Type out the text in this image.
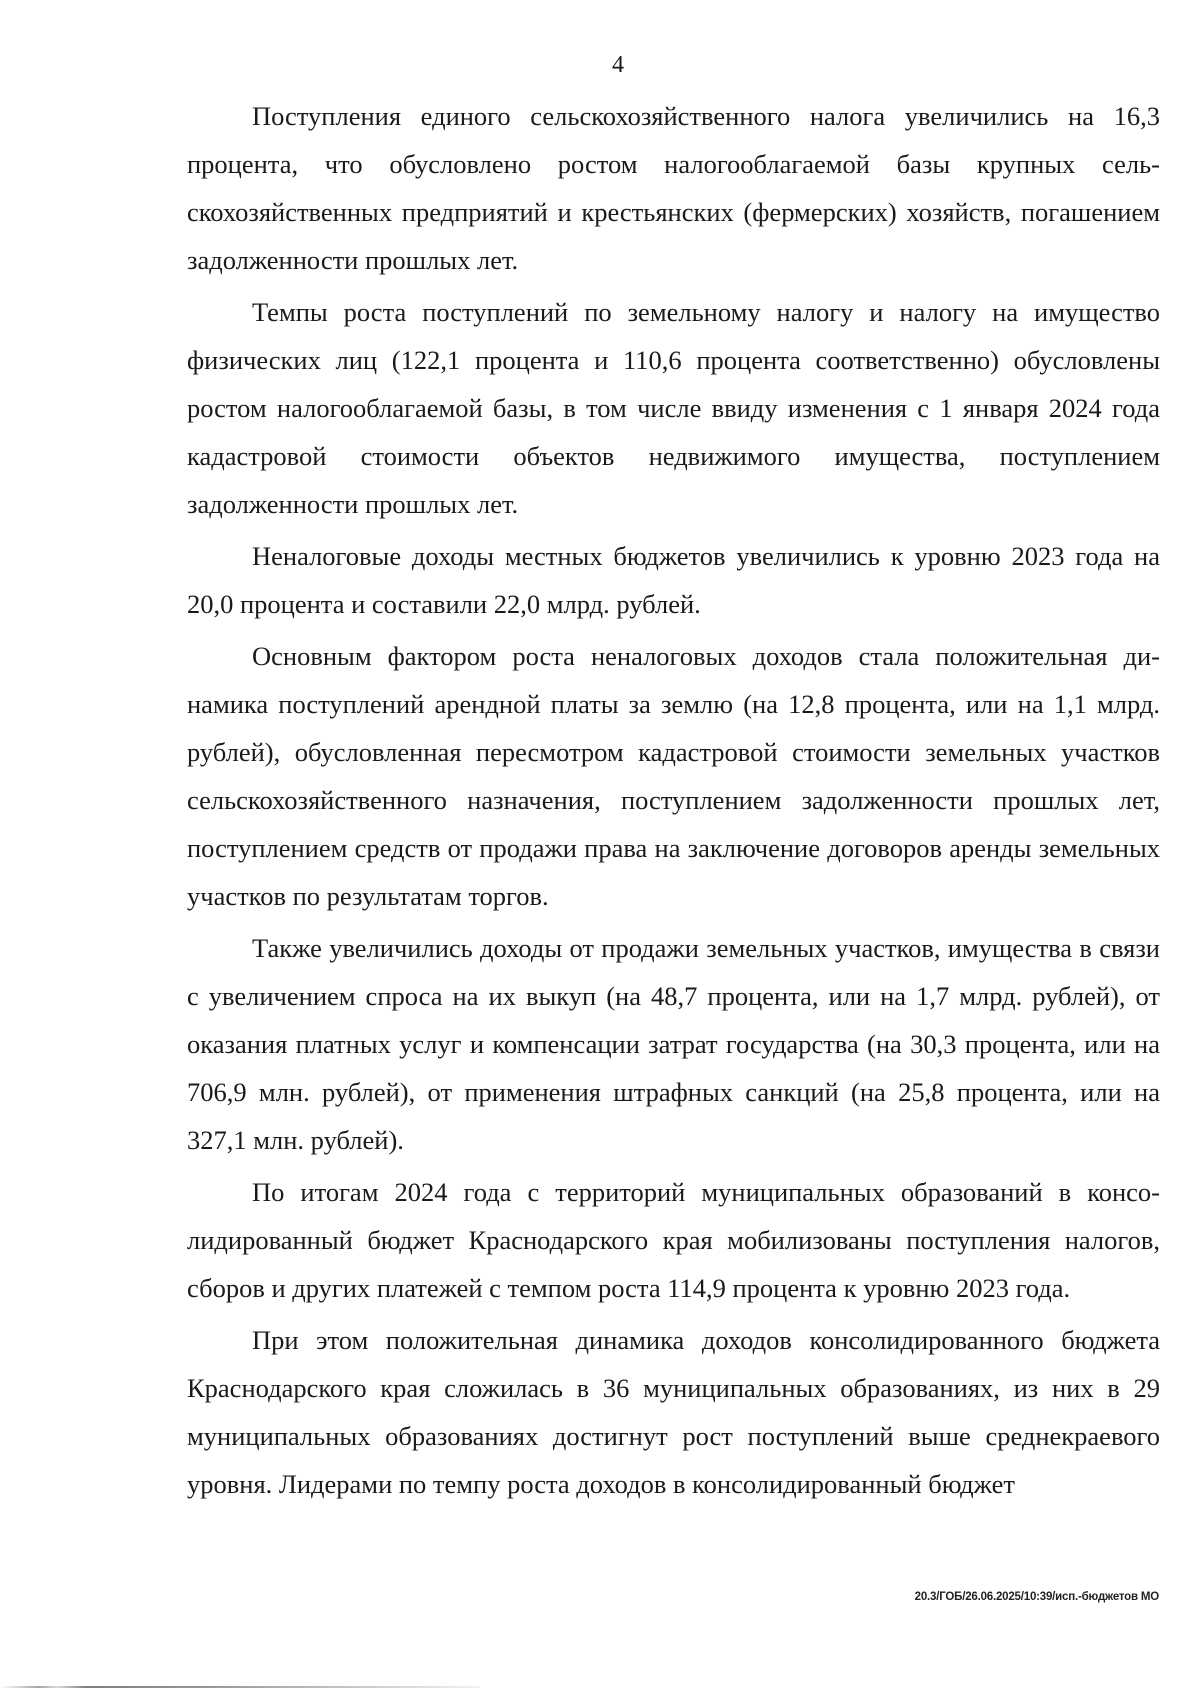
4

Поступления единого сельскохозяйственного налога увеличились на 16,3 процента, что обусловлено ростом налогооблагаемой базы крупных сельскохозяйственных предприятий и крестьянских (фермерских) хозяйств, погашением задолженности прошлых лет.

Темпы роста поступлений по земельному налогу и налогу на имущество физических лиц (122,1 процента и 110,6 процента соответственно) обусловлены ростом налогооблагаемой базы, в том числе ввиду изменения с 1 января 2024 года кадастровой стоимости объектов недвижимого имущества, поступлением задолженности прошлых лет.

Неналоговые доходы местных бюджетов увеличились к уровню 2023 года на 20,0 процента и составили 22,0 млрд. рублей.

Основным фактором роста неналоговых доходов стала положительная динамика поступлений арендной платы за землю (на 12,8 процента, или на 1,1 млрд. рублей), обусловленная пересмотром кадастровой стоимости земельных участков сельскохозяйственного назначения, поступлением задолженности прошлых лет, поступлением средств от продажи права на заключение договоров аренды земельных участков по результатам торгов.

Также увеличились доходы от продажи земельных участков, имущества в связи с увеличением спроса на их выкуп (на 48,7 процента, или на 1,7 млрд. рублей), от оказания платных услуг и компенсации затрат государства (на 30,3 процента, или на 706,9 млн. рублей), от применения штрафных санкций (на 25,8 процента, или на 327,1 млн. рублей).

По итогам 2024 года с территорий муниципальных образований в консолидированный бюджет Краснодарского края мобилизованы поступления налогов, сборов и других платежей с темпом роста 114,9 процента к уровню 2023 года.

При этом положительная динамика доходов консолидированного бюджета Краснодарского края сложилась в 36 муниципальных образованиях, из них в 29 муниципальных образованиях достигнут рост поступлений выше среднекраевого уровня. Лидерами по темпу роста доходов в консолидированный бюджет

20.3/ГОБ/26.06.2025/10:39/исп.-бюджетов МО
